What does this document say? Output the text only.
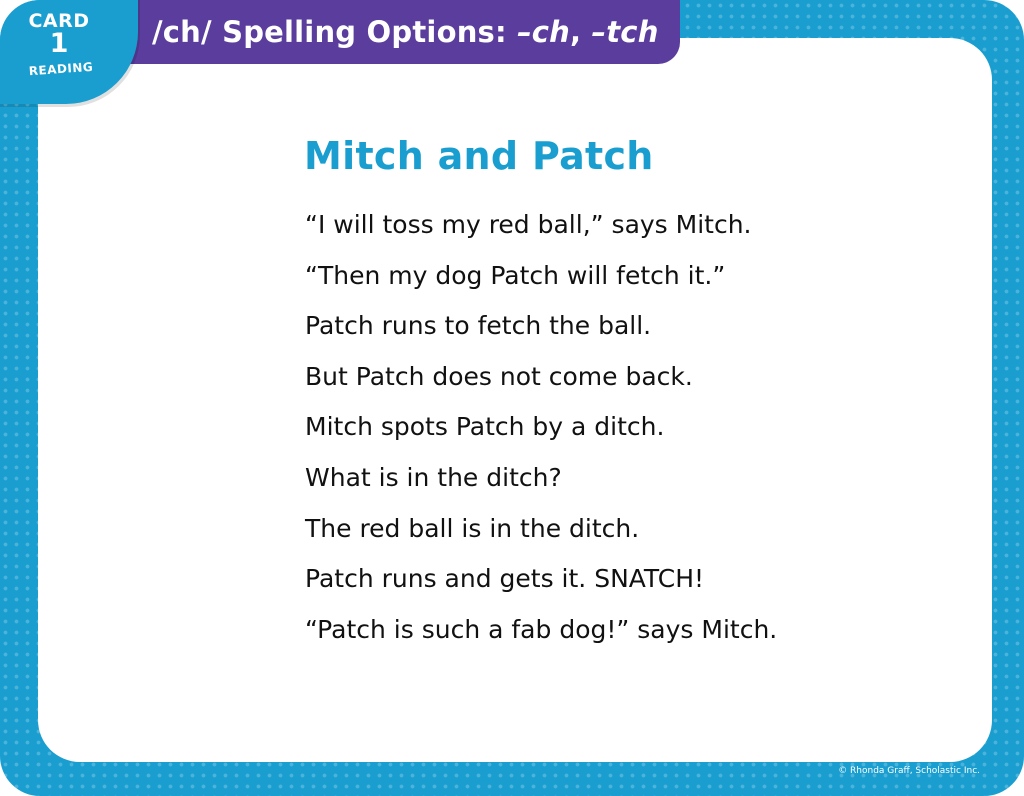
Mitch and Patch
“I will toss my red ball,” says Mitch.
“Then my dog Patch will fetch it.”
Patch runs to fetch the ball.
But Patch does not come back.
Mitch spots Patch by a ditch.
What is in the ditch?
The red ball is in the ditch.
Patch runs and gets it. SNATCH!
“Patch is such a fab dog!” says Mitch.
/ch/ Spelling Options: –ch, –tch
CARD
1
READING
© Rhonda Graff, Scholastic Inc.
